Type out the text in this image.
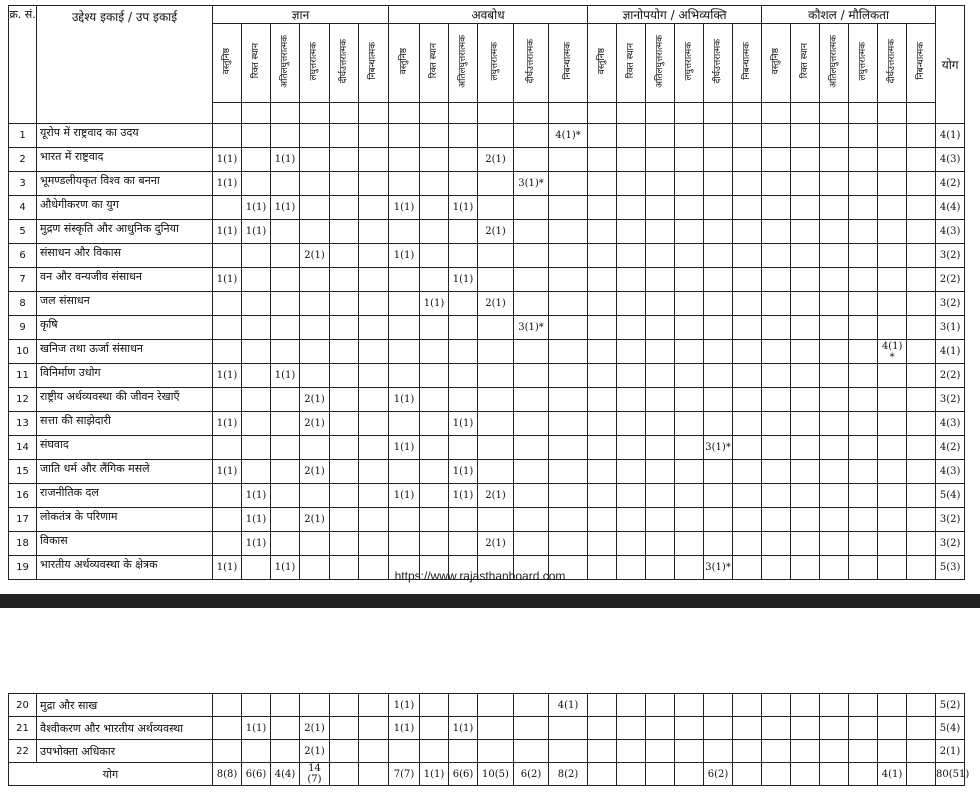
क्र. सं.	उद्देश्य इकाई / उप इकाई	ज्ञान						अवबोध						ज्ञानोपयोग / अभिव्यक्ति						कौशल / मौलिकता						योग
		वस्तुनिष्ठ	रिक्त स्थान	अतिलघुत्तरात्मक	लघुत्तरात्मक	दीर्घउत्तरात्मक	निबन्धात्मक	वस्तुनिष्ठ	रिक्त स्थान	अतिलघुत्तरात्मक	लघुत्तरात्मक	दीर्घउत्तरात्मक	निबन्धात्मक	वस्तुनिष्ठ	रिक्त स्थान	अतिलघुत्तरात्मक	लघुत्तरात्मक	दीर्घउत्तरात्मक	निबन्धात्मक	वस्तुनिष्ठ	रिक्त स्थान	अतिलघुत्तरात्मक	लघुत्तरात्मक	दीर्घउत्तरात्मक	निबन्धात्मक	

1	यूरोप में राष्ट्रवाद का उदय												4(1)*													4(1)
2	भारत में राष्ट्रवाद	1(1)		1(1)							2(1)															4(3)
3	भूमण्डलीयकृत विश्व का बनना	1(1)										3(1)*														4(2)
4	औधेगीकरण का युग		1(1)	1(1)				1(1)		1(1)																4(4)
5	मुद्रण संस्कृति और आधुनिक दुनिया	1(1)	1(1)								2(1)															4(3)
6	संसाधन और विकास				2(1)			1(1)																		3(2)
7	वन और वन्यजीव संसाधन	1(1)								1(1)																2(2)
8	जल संसाधन								1(1)		2(1)															3(2)
9	कृषि											3(1)*														3(1)
10	खनिज तथा ऊर्जा संसाधन																							4(1) *		4(1)
11	विनिर्माण उधोग	1(1)		1(1)																						2(2)
12	राष्ट्रीय अर्थव्यवस्था की जीवन रेखाएँ				2(1)			1(1)																		3(2)
13	सत्ता की साझेदारी	1(1)			2(1)					1(1)																4(3)
14	संघवाद							1(1)										3(1)*								4(2)
15	जाति धर्म और लैंगिक मसले	1(1)			2(1)					1(1)																4(3)
16	राजनीतिक दल		1(1)					1(1)		1(1)	2(1)															5(4)
17	लोकतंत्र के परिणाम		1(1)		2(1)																					3(2)
18	विकास		1(1)								2(1)															3(2)
19	भारतीय अर्थव्यवस्था के क्षेत्रक	1(1)		1(1)														3(1)*								5(3)
https://www.rajasthanboard.com
20	मुद्रा और साख							1(1)					4(1)													5(2)
21	वैश्वीकरण और भारतीय अर्थव्यवस्था		1(1)		2(1)			1(1)		1(1)																5(4)
22	उपभोक्ता अधिकार				2(1)																					2(1)
योग		8(8)	6(6)	4(4)	14 (7)			7(7)	1(1)	6(6)	10(5)	6(2)	8(2)					6(2)						4(1)		80(51)
